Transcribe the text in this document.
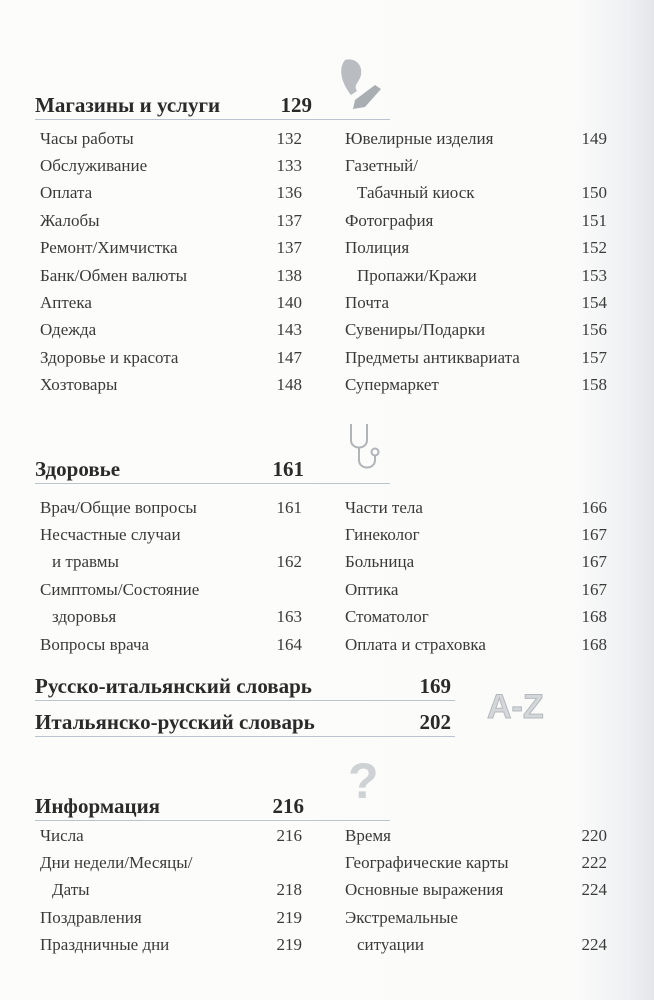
A-Z
?
Магазины и услуги	129
Часы работы	132
Обслуживание	133
Оплата	136
Жалобы	137
Ремонт/Химчистка	137
Банк/Обмен валюты	138
Аптека	140
Одежда	143
Здоровье и красота	147
Хозтовары	148
Ювелирные изделия	149
Газетный/
Табачный киоск	150
Фотография	151
Полиция	152
Пропажи/Кражи	153
Почта	154
Сувениры/Подарки	156
Предметы антиквариата	157
Супермаркет	158
Здоровье	161
Врач/Общие вопросы	161
Несчастные случаи
и травмы	162
Симптомы/Состояние
здоровья	163
Вопросы врача	164
Части тела	166
Гинеколог	167
Больница	167
Оптика	167
Стоматолог	168
Оплата и страховка	168
Русско-итальянский словарь	169
Итальянско-русский словарь	202
Информация	216
Числа	216
Дни недели/Месяцы/
Даты	218
Поздравления	219
Праздничные дни	219
Время	220
Географические карты	222
Основные выражения	224
Экстремальные
ситуации	224
